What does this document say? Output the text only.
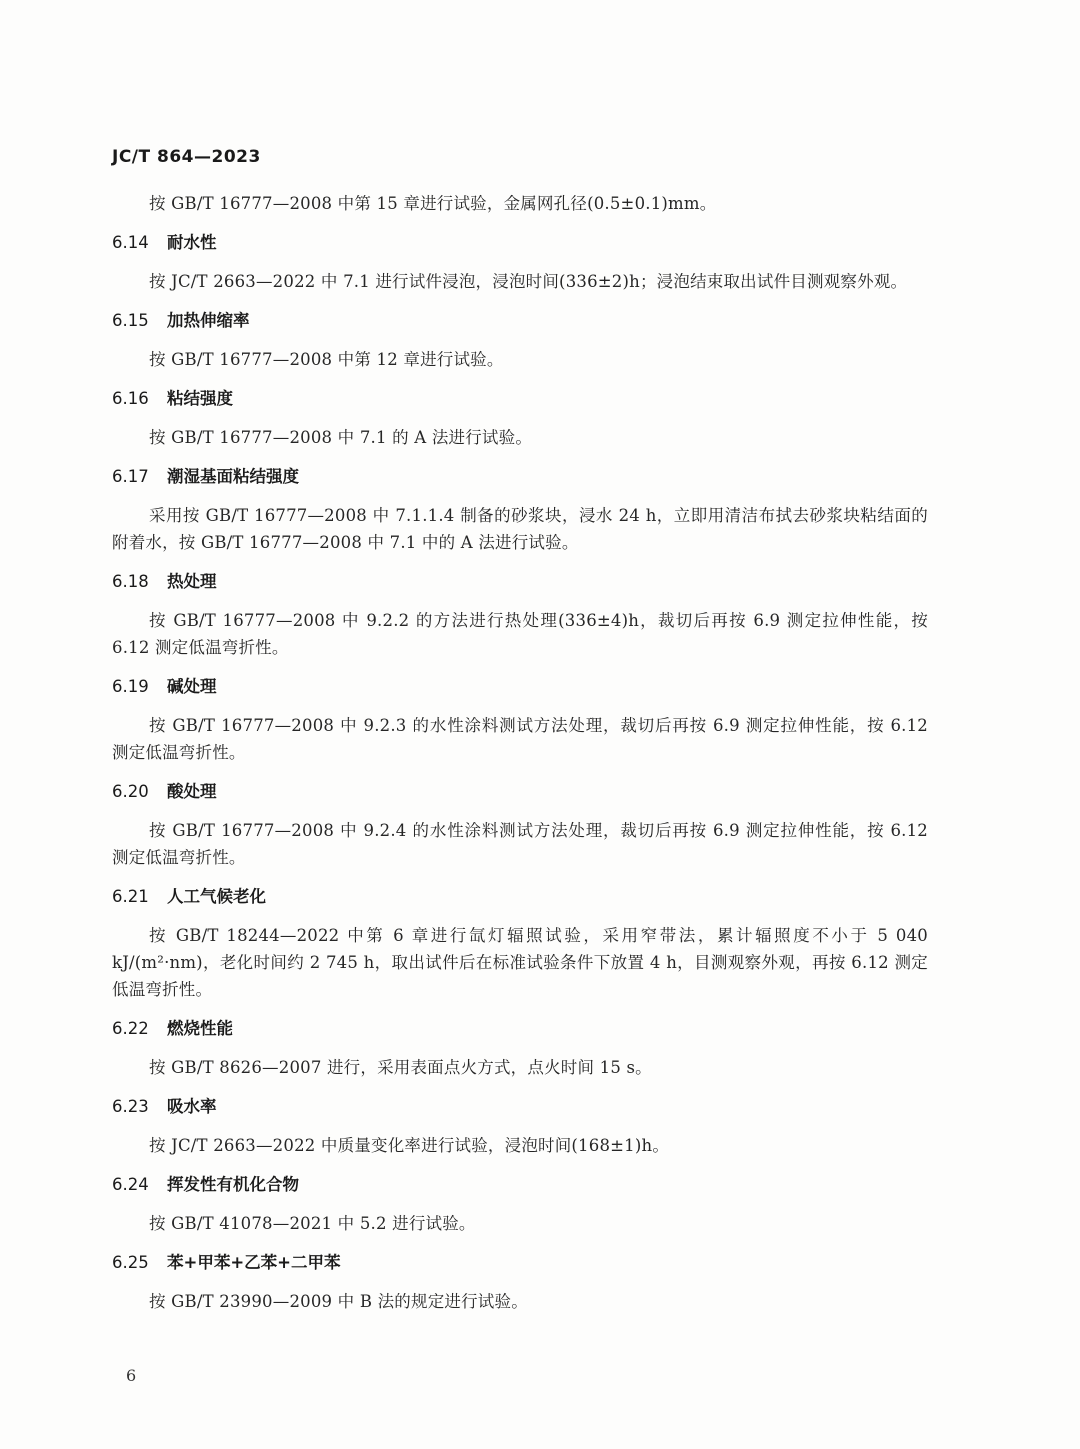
JC/T 864—2023

按 GB/T 16777—2008 中第 15 章进行试验，金属网孔径(0.5±0.1)mm。

6.14 耐水性

按 JC/T 2663—2022 中 7.1 进行试件浸泡，浸泡时间(336±2)h；浸泡结束取出试件目测观察外观。

6.15 加热伸缩率

按 GB/T 16777—2008 中第 12 章进行试验。

6.16 粘结强度

按 GB/T 16777—2008 中 7.1 的 A 法进行试验。

6.17 潮湿基面粘结强度

采用按 GB/T 16777—2008 中 7.1.1.4 制备的砂浆块，浸水 24 h，立即用清洁布拭去砂浆块粘结面的附着水，按 GB/T 16777—2008 中 7.1 中的 A 法进行试验。

6.18 热处理

按 GB/T 16777—2008 中 9.2.2 的方法进行热处理(336±4)h，裁切后再按 6.9 测定拉伸性能，按 6.12 测定低温弯折性。

6.19 碱处理

按 GB/T 16777—2008 中 9.2.3 的水性涂料测试方法处理，裁切后再按 6.9 测定拉伸性能，按 6.12 测定低温弯折性。

6.20 酸处理

按 GB/T 16777—2008 中 9.2.4 的水性涂料测试方法处理，裁切后再按 6.9 测定拉伸性能，按 6.12 测定低温弯折性。

6.21 人工气候老化

按 GB/T 18244—2022 中第 6 章进行氙灯辐照试验，采用窄带法，累计辐照度不小于 5 040 kJ/(m²·nm)，老化时间约 2 745 h，取出试件后在标准试验条件下放置 4 h，目测观察外观，再按 6.12 测定低温弯折性。

6.22 燃烧性能

按 GB/T 8626—2007 进行，采用表面点火方式，点火时间 15 s。

6.23 吸水率

按 JC/T 2663—2022 中质量变化率进行试验，浸泡时间(168±1)h。

6.24 挥发性有机化合物

按 GB/T 41078—2021 中 5.2 进行试验。

6.25 苯+甲苯+乙苯+二甲苯

按 GB/T 23990—2009 中 B 法的规定进行试验。

6
